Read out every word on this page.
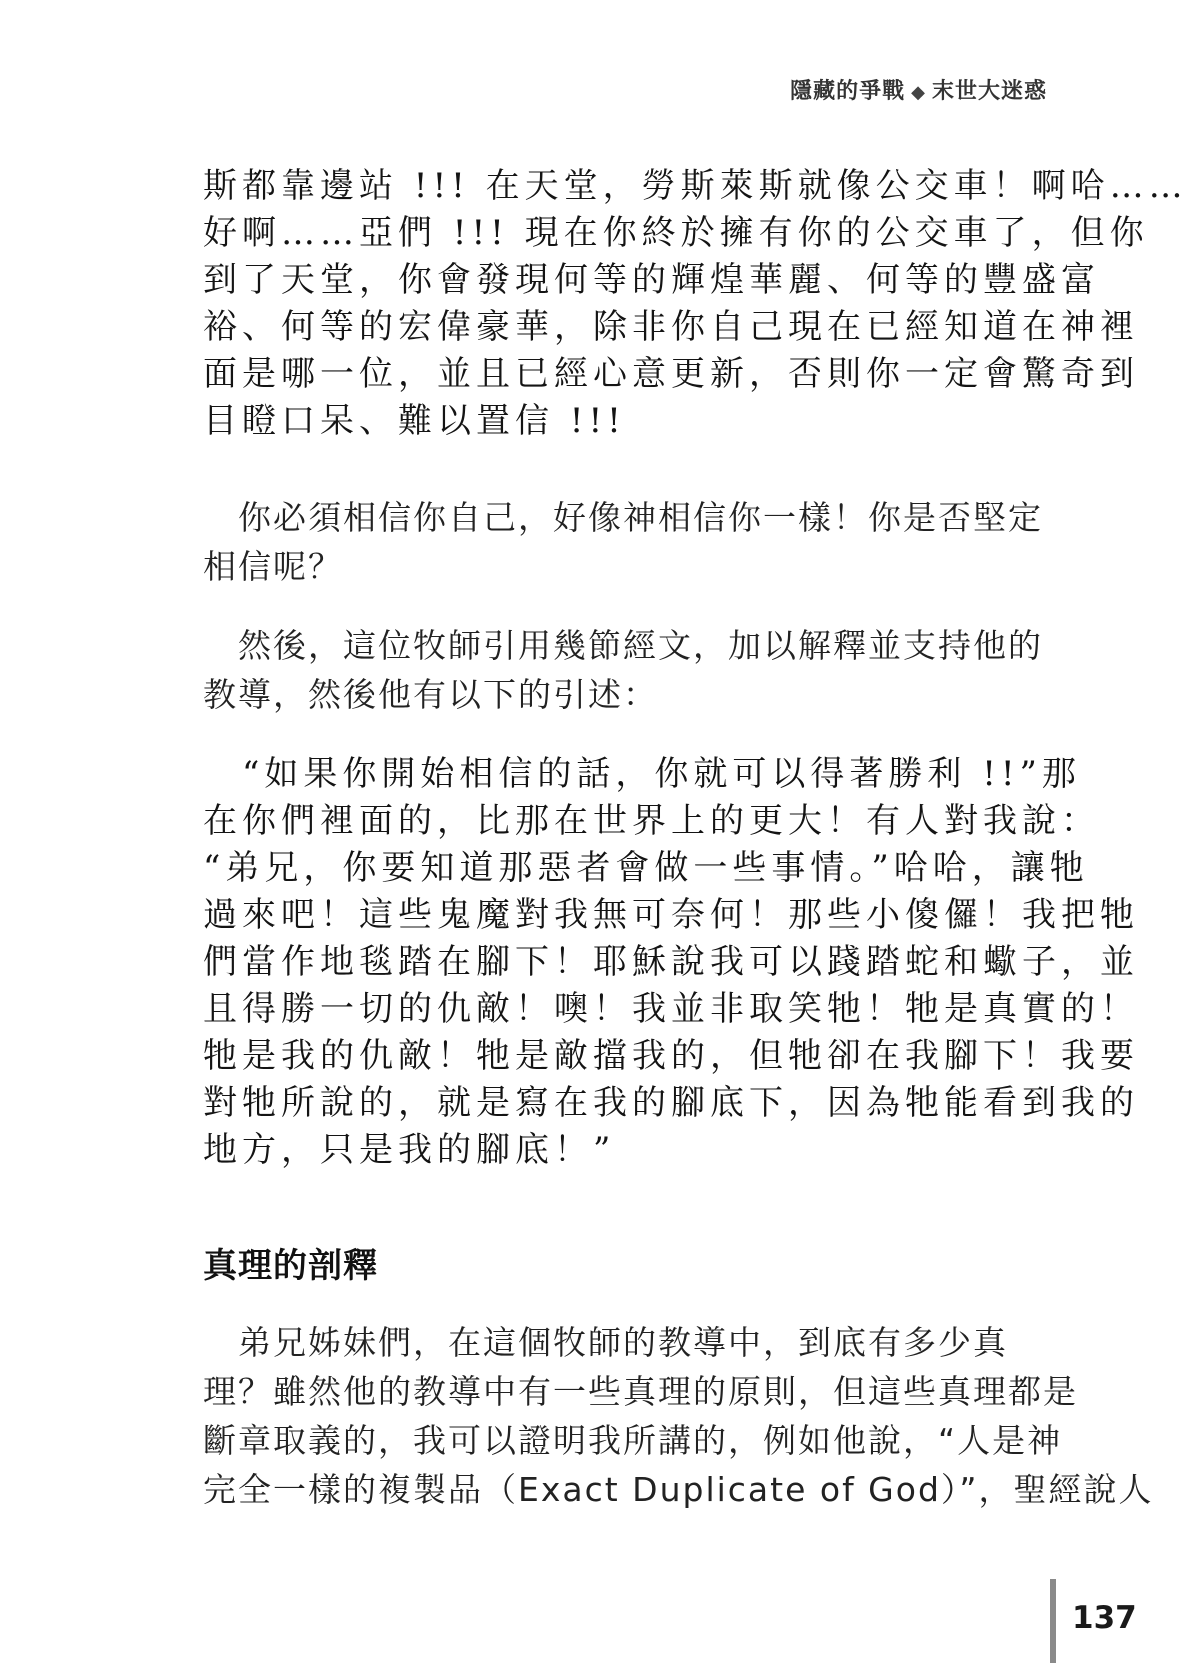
隱藏的爭戰 ◆ 末世大迷惑
斯都靠邊站 !!! 在天堂，勞斯萊斯就像公交車！啊哈……
好啊……亞們 !!! 現在你終於擁有你的公交車了，但你
到了天堂，你會發現何等的輝煌華麗、何等的豐盛富
裕、何等的宏偉豪華，除非你自己現在已經知道在神裡
面是哪一位，並且已經心意更新，否則你一定會驚奇到
目瞪口呆、難以置信 !!!
　你必須相信你自己，好像神相信你一樣！你是否堅定
相信呢？
　然後，這位牧師引用幾節經文，加以解釋並支持他的
教導，然後他有以下的引述：
　“如果你開始相信的話，你就可以得著勝利 !!”那
在你們裡面的，比那在世界上的更大！有人對我說：
“弟兄，你要知道那惡者會做一些事情。”哈哈，讓牠
過來吧！這些鬼魔對我無可奈何！那些小傻儸！我把牠
們當作地毯踏在腳下！耶穌說我可以踐踏蛇和蠍子，並
且得勝一切的仇敵！噢！我並非取笑牠！牠是真實的！
牠是我的仇敵！牠是敵擋我的，但牠卻在我腳下！我要
對牠所說的，就是寫在我的腳底下，因為牠能看到我的
地方，只是我的腳底！”
真理的剖釋
　弟兄姊妹們，在這個牧師的教導中，到底有多少真
理？雖然他的教導中有一些真理的原則，但這些真理都是
斷章取義的，我可以證明我所講的，例如他說，“人是神
完全一樣的複製品（Exact Duplicate of God）”，聖經說人
137
